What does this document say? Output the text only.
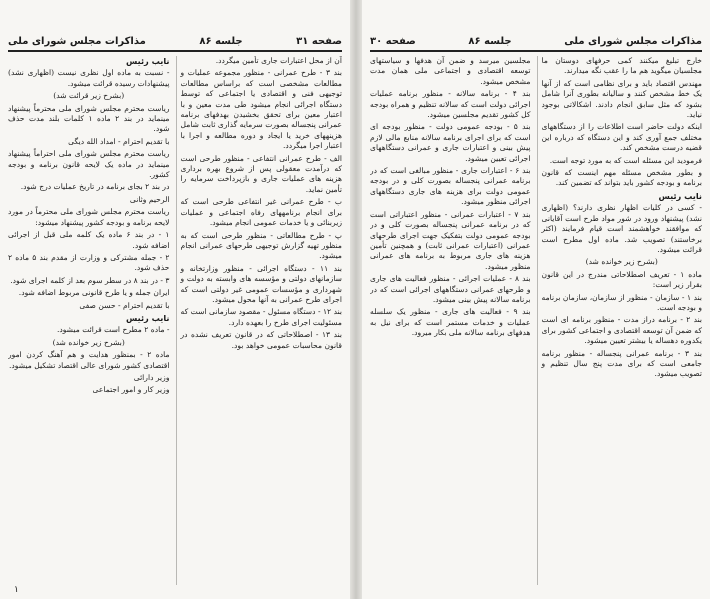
صفحه ۳۱
جلسه ۸۶
مذاکرات مجلس شورای ملی

آن از محل اعتبارات جاری تأمین میگردد.

بند ۳ - طرح عمرانی - منظور مجموعه عملیات و مطالعات مشخصی است که براساس مطالعات توجیهی فنی و اقتصادی یا اجتماعی که توسط دستگاه اجرائی انجام میشود طی مدت معین و با اعتبار معین برای تحقق بخشیدن بهدفهای برنامه عمرانی پنجساله بصورت سرمایه گذاری ثابت شامل هزینههای خرید یا ایجاد و دوره مطالعه و اجرا با اعتبار اجرا میگردد.

الف - طرح عمرانی انتفاعی - منظور طرحی است که درآمدت معقولی پس از شروع بهره برداری هزینه های عملیات جاری و بازپرداخت سرمایه را تأمین نماید.

ب - طرح عمرانی غیر انتفاعی طرحی است که برای انجام برنامههای رفاه اجتماعی و عملیات زیربنائی و یا خدمات عمومی انجام میشود.

پ - طرح مطالعاتی - منظور طرحی است که به منظور تهیه گزارش توجیهی طرحهای عمرانی انجام میشود.

بند ۱۱ - دستگاه اجرائی - منظور وزارتخانه و سازمانهای دولتی و مؤسسه های وابسته به دولت و شهرداری و مؤسسات عمومی غیر دولتی است که اجرای طرح عمرانی به آنها محول میشود.

بند ۱۲ - دستگاه مسئول - مقصود سازمانی است که مسئولیت اجرای طرح را بعهده دارد.

بند ۱۳ - اصطلاحاتی که در قانون تعریف نشده در قانون محاسبات عمومی خواهد بود.

نایب رئیس

- نسبت به ماده اول نظری نیست (اظهاری نشد) پیشنهادات رسیده قرائت میشود.

(بشرح زیر قرائت شد)

ریاست محترم مجلس شورای ملی محترماً پیشنهاد مینماید در بند ۲ ماده ۱ کلمات بلند مدت حذف شود.

با تقدیم احترام - امداد الله دیگی

ریاست محترم مجلس شورای ملی احتراماً پیشنهاد مینماید در ماده یک لایحه قانون برنامه و بودجه کشور.

در بند ۲ بجای برنامه در تاریخ عملیات درج شود.

الرحیم وثانی

ریاست محترم مجلس شورای ملی محترماً در مورد لایحه برنامه و بودجه کشور پیشنهاد میشود:

۱ - در بند ۶ ماده یک کلمه ملی قبل از اجرائی اضافه شود.

۲ - جمله مشترکی و وزارت از مقدم بند ۵ ماده ۲ حذف شود.

۳ - در بند ۸ در سطر سوم بعد از کلمه اجرای شود.

ایران جمله و یا طرح قانونی مربوط اضافه شود.

با تقدیم احترام - حسن صفی

نایب رئیس

- ماده ۲ مطرح است قرائت میشود.

(بشرح زیر خوانده شد)

ماده ۲ - بمنظور هدایت و هم آهنگ کردن امور اقتصادی کشور شورای عالی اقتصاد تشکیل میشود.

وزیر دارائی

وزیر کار و امور اجتماعی

۱
مذاکرات مجلس شورای ملی
جلسه ۸۶
صفحه ۳۰

خارج تبلیغ میکنند کمی حرفهای دوستان ما مجلسیان میگوید هم ما را عقب نگه میدارند.

مهندس اقتصاد باید و برای نظامی است که از آنها یک خط مشخص کنند و سالیانه بطوری آنرا شامل بشود که مثل سابق انجام دادند. اشکالاتی بوجود نیاید.

اینکه دولت حاضر است اطلاعات را از دستگاههای مختلف جمع آوری کند و این دستگاه که درباره این قضیه درست مشخص کند.

فرمودید این مسئله است که به مورد توجه است.

و بطور مشخص مسئله مهم اینست که قانون برنامه و بودجه کشور باید بتواند که تضمین کند.

نایب رئیس

- کسی در کلیات اظهار نظری دارند؟ (اظهاری نشد) پیشنهاد ورود در شور مواد طرح است آقایانی که موافقند خواهشمند است قیام فرمایند (اکثر برخاستند) تصویب شد. ماده اول مطرح است قرائت میشود.

(بشرح زیر خوانده شد)

ماده ۱ - تعریف اصطلاحاتی مندرج در این قانون بقرار زیر است:

بند ۱ - سازمان - منظور از سازمان، سازمان برنامه و بودجه است.

بند ۲ - برنامه دراز مدت - منظور برنامه ای است که ضمن آن توسعه اقتصادی و اجتماعی کشور برای یکدوره دهساله یا بیشتر تعیین میشود.

بند ۳ - برنامه عمرانی پنجساله - منظور برنامه جامعی است که برای مدت پنج سال تنظیم و تصویب میشود.

مجلسین میرسد و ضمن آن هدفها و سیاستهای توسعه اقتصادی و اجتماعی ملی همان مدت مشخص میشود.

بند ۴ - برنامه سالانه - منظور برنامه عملیات اجرائی دولت است که سالانه تنظیم و همراه بودجه کل کشور تقدیم مجلسین میشود.

بند ۵ - بودجه عمومی دولت - منظور بودجه ای است که برای اجرای برنامه سالانه منابع مالی لازم پیش بینی و اعتبارات جاری و عمرانی دستگاههای اجرائی تعیین میشود.

بند ۶ - اعتبارات جاری - منظور مبالغی است که در برنامه عمرانی پنجساله بصورت کلی و در بودجه عمومی دولت برای هزینه های جاری دستگاههای اجرائی منظور میشود.

بند ۷ - اعتبارات عمرانی - منظور اعتباراتی است که در برنامه عمرانی پنجساله بصورت کلی و در بودجه عمومی دولت بتفکیک جهت اجرای طرحهای عمرانی (اعتبارات عمرانی ثابت) و همچنین تأمین هزینه های جاری مربوط به برنامه های عمرانی منظور میشود.

بند ۸ - عملیات اجرائی - منظور فعالیت های جاری و طرحهای عمرانی دستگاههای اجرائی است که در برنامه سالانه پیش بینی میشود.

بند ۹ - فعالیت های جاری - منظور یک سلسله عملیات و خدمات مستمر است که برای نیل به هدفهای برنامه سالانه ملی بکار میرود.
